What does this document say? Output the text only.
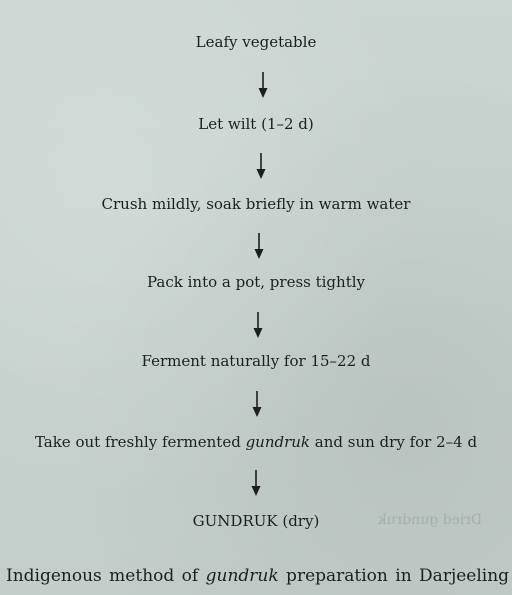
Leafy vegetable
Let wilt (1–2 d)
Crush mildly, soak briefly in warm water
Pack into a pot, press tightly
Ferment naturally for 15–22 d
Take out freshly fermented gundruk and sun dry for 2–4 d
GUNDRUK (dry)	Dried gundruk
Indigenous method of gundruk preparation in Darjeeling
